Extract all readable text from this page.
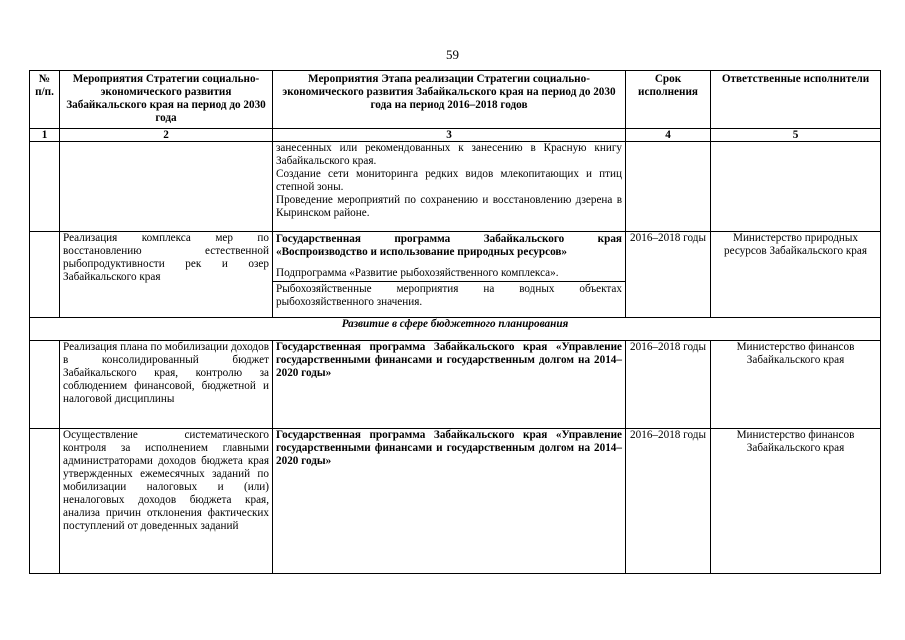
59
№ п/п.	Мероприятия Стратегии социально-экономического развития Забайкальского края на период до 2030 года	Мероприятия Этапа реализации Стратегии социально-экономического развития Забайкальского края на период до 2030 года на период 2016–2018 годов	Срок исполнения	Ответственные исполнители
1	2	3	4	5

		занесенных или рекомендованных к занесению в Красную книгу Забайкальского края.
Создание сети мониторинга редких видов млекопитающих и птиц степной зоны.
Проведение мероприятий по сохранению и восстановлению дзерена в Кыринском районе.		

	Реализация комплекса мер по восстановлению естественной рыбопродуктивности рек и озер Забайкальского края	Государственная программа Забайкальского края «Воспроизводство и использование природных ресурсов»
Подпрограмма «Развитие рыбохозяйственного комплекса».
Рыбохозяйственные мероприятия на водных объектах рыбохозяйственного значения.	2016–2018 годы	Министерство природных ресурсов Забайкальского края
Развитие в сфере бюджетного планирования				
	Реализация плана по мобилизации доходов в консолидированный бюджет Забайкальского края, контролю за соблюдением финансовой, бюджетной и налоговой дисциплины	Государственная программа Забайкальского края «Управление государственными финансами и государственным долгом на 2014–2020 годы»	2016–2018 годы	Министерство финансов Забайкальского края
	Осуществление систематического контроля за исполнением главными администраторами доходов бюджета края утвержденных ежемесячных заданий по мобилизации налоговых и (или) неналоговых доходов бюджета края, анализа причин отклонения фактических поступлений от доведенных заданий	Государственная программа Забайкальского края «Управление государственными финансами и государственным долгом на 2014–2020 годы»	2016–2018 годы	Министерство финансов Забайкальского края
